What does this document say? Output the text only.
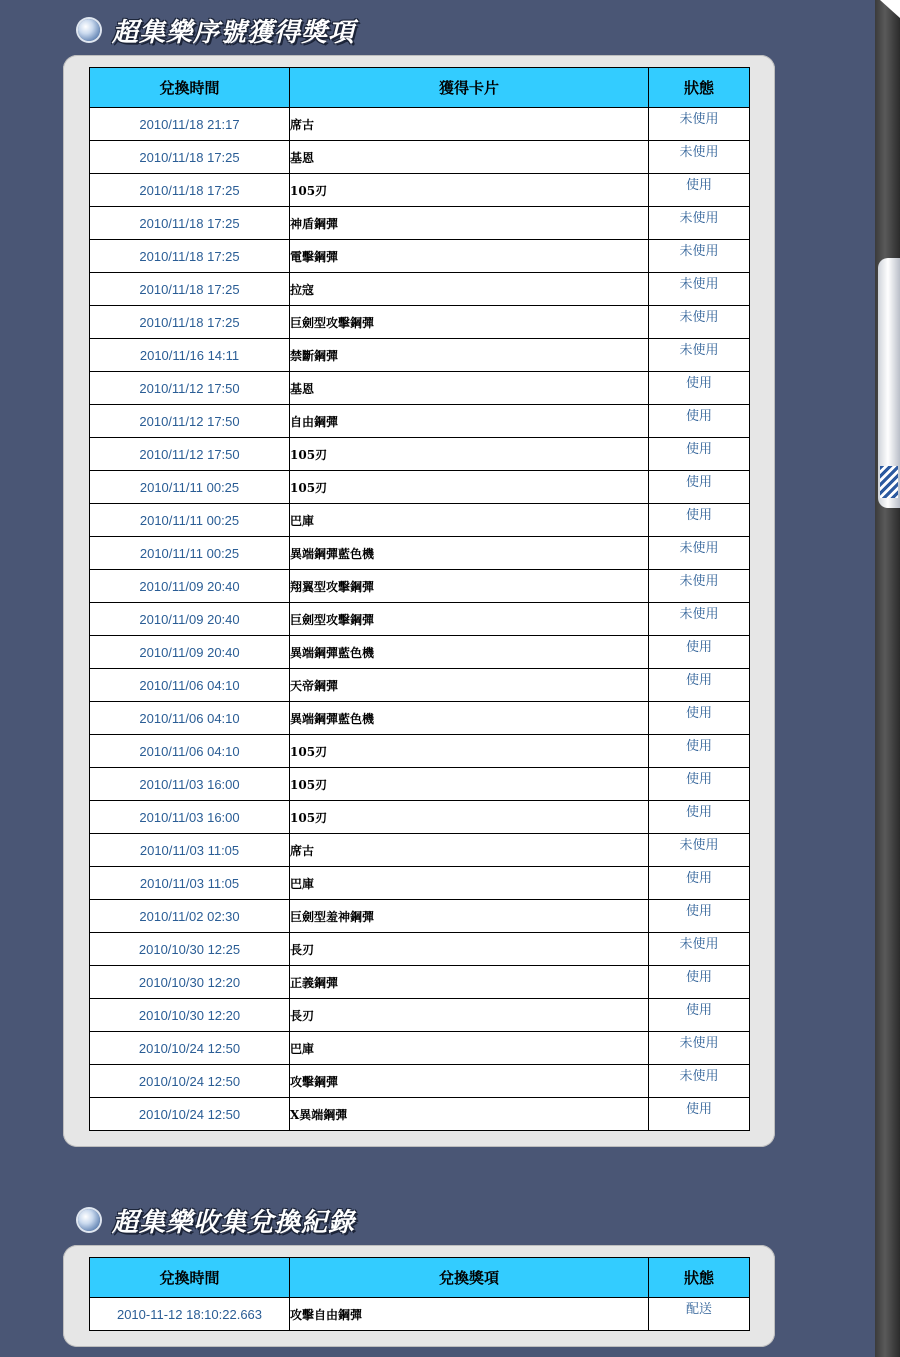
超集樂序號獲得獎項
兌換時間	獲得卡片	狀態
2010/11/18 21:17	席古	未使用
2010/11/18 17:25	基恩	未使用
2010/11/18 17:25	105刃	使用
2010/11/18 17:25	神盾鋼彈	未使用
2010/11/18 17:25	電擊鋼彈	未使用
2010/11/18 17:25	拉寇	未使用
2010/11/18 17:25	巨劍型攻擊鋼彈	未使用
2010/11/16 14:11	禁斷鋼彈	未使用
2010/11/12 17:50	基恩	使用
2010/11/12 17:50	自由鋼彈	使用
2010/11/12 17:50	105刃	使用
2010/11/11 00:25	105刃	使用
2010/11/11 00:25	巴庫	使用
2010/11/11 00:25	異端鋼彈藍色機	未使用
2010/11/09 20:40	翔翼型攻擊鋼彈	未使用
2010/11/09 20:40	巨劍型攻擊鋼彈	未使用
2010/11/09 20:40	異端鋼彈藍色機	使用
2010/11/06 04:10	天帝鋼彈	使用
2010/11/06 04:10	異端鋼彈藍色機	使用
2010/11/06 04:10	105刃	使用
2010/11/03 16:00	105刃	使用
2010/11/03 16:00	105刃	使用
2010/11/03 11:05	席古	未使用
2010/11/03 11:05	巴庫	使用
2010/11/02 02:30	巨劍型羞神鋼彈	使用
2010/10/30 12:25	長刃	未使用
2010/10/30 12:20	正義鋼彈	使用
2010/10/30 12:20	長刃	使用
2010/10/24 12:50	巴庫	未使用
2010/10/24 12:50	攻擊鋼彈	未使用
2010/10/24 12:50	X異端鋼彈	使用
超集樂收集兌換紀錄
兌換時間	兌換獎項	狀態
2010-11-12 18:10:22.663	攻擊自由鋼彈	配送
